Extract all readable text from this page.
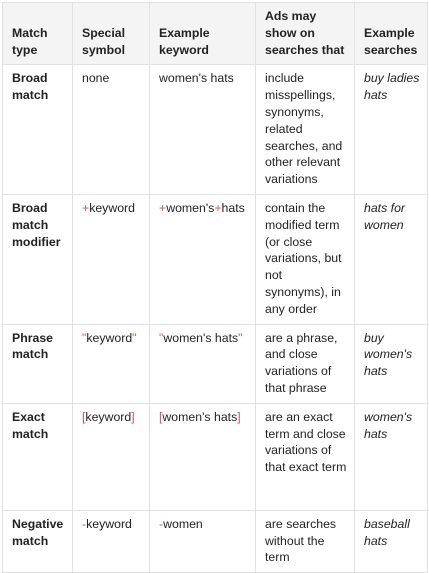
Match type	Special symbol	Example keyword	Ads may show on searches that	Example searches
Broad match	none	women's hats	include misspellings, synonyms, related searches, and other relevant variations	buy ladies hats
Broad match modifier	+keyword	+women's+hats	contain the modified term (or close variations, but not synonyms), in any order	hats for women
Phrase match	"keyword"	"women's hats"	are a phrase, and close variations of that phrase	buy women's hats
Exact match	[keyword]	[women's hats]	are an exact term and close variations of that exact term	women's hats
Negative match	-keyword	-women	are searches without the term	baseball hats
